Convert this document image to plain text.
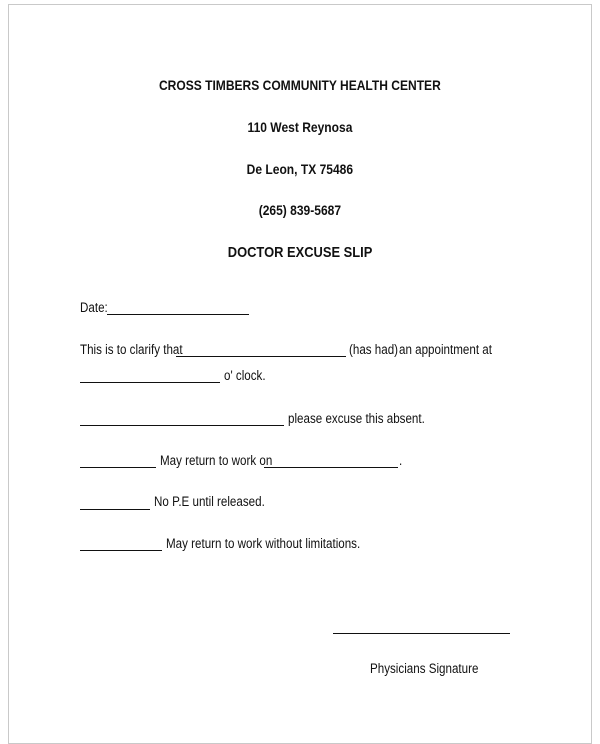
CROSS TIMBERS COMMUNITY HEALTH CENTER
110 West Reynosa
De Leon, TX 75486
(265) 839-5687
DOCTOR EXCUSE SLIP
Date:
This is to clarify that	(has had) an appointment at
o' clock.
please excuse this absent.
May return to work on	.
No P.E until released.
May return to work without limitations.
Physicians Signature
